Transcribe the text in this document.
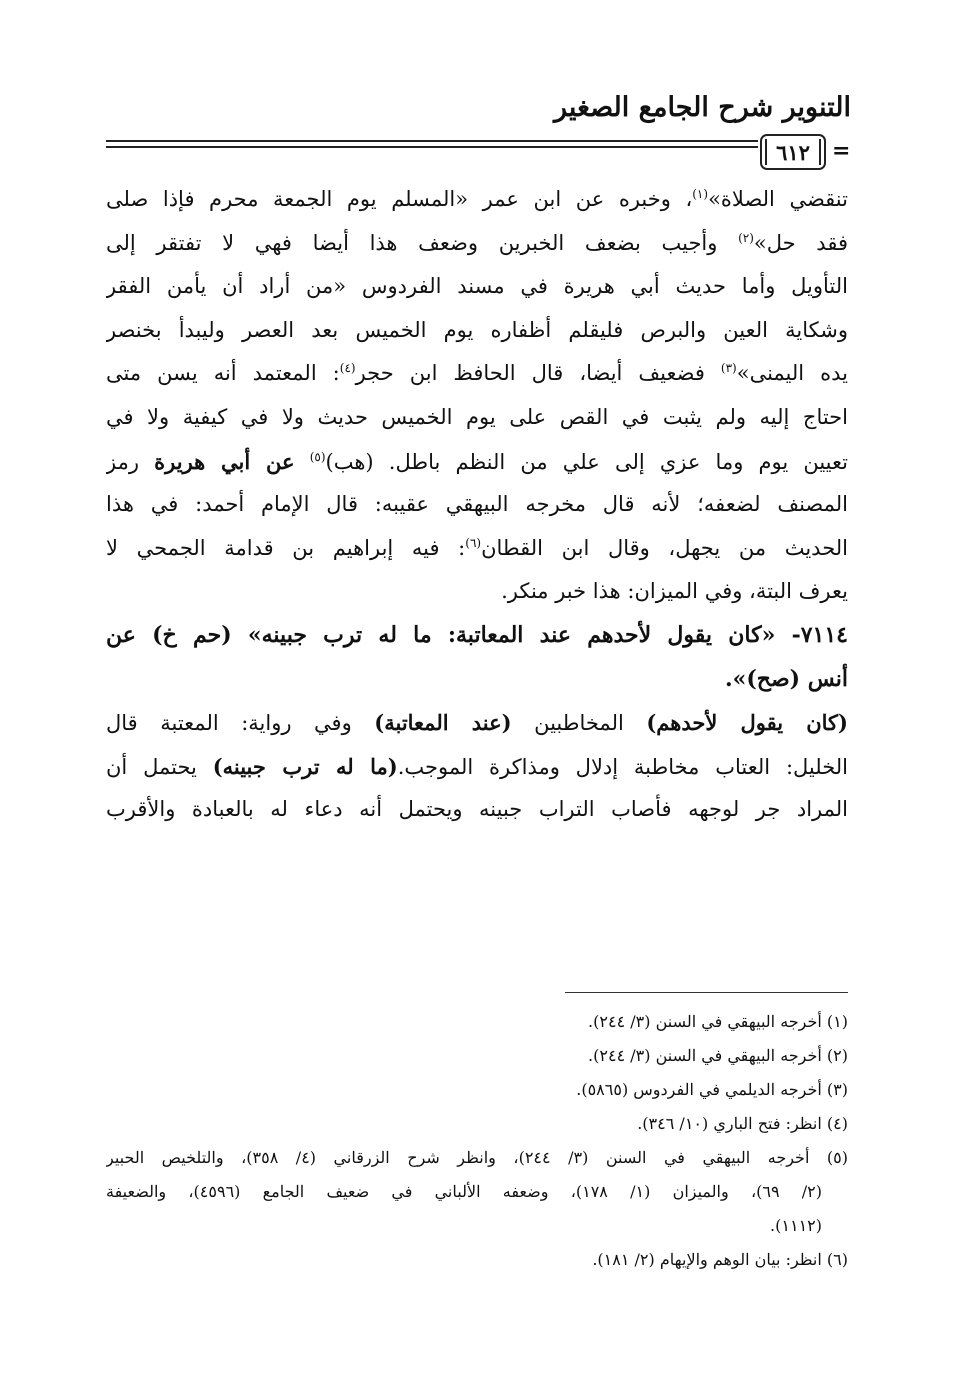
التنوير شرح الجامع الصغير
٦١٢	=
تنقضي الصلاة»$^{(١)}$، وخبره عن ابن عمر «المسلم يوم الجمعة محرم فإذا صلى
فقد حل»$^{(٢)}$ وأجيب بضعف الخبرين وضعف هذا أيضا فهي لا تفتقر إلى
التأويل وأما حديث أبي هريرة في مسند الفردوس «من أراد أن يأمن الفقر
وشكاية العين والبرص فليقلم أظفاره يوم الخميس بعد العصر وليبدأ بخنصر
يده اليمنى»$^{(٣)}$ فضعيف أيضا، قال الحافظ ابن حجر$^{(٤)}$: المعتمد أنه يسن متى
احتاج إليه ولم يثبت في القص على يوم الخميس حديث ولا في كيفية ولا في
تعيين يوم وما عزي إلى علي من النظم باطل. (هب)$^{(٥)}$ عن أبي هريرة رمز
المصنف لضعفه؛ لأنه قال مخرجه البيهقي عقيبه: قال الإمام أحمد: في هذا
الحديث من يجهل، وقال ابن القطان$^{(٦)}$: فيه إبراهيم بن قدامة الجمحي لا
يعرف البتة، وفي الميزان: هذا خبر منكر.
٧١١٤- «كان يقول لأحدهم عند المعاتبة: ما له ترب جبينه» (حم خ) عن
أنس (صح)».
(كان يقول لأحدهم) المخاطبين (عند المعاتبة) وفي رواية: المعتبة قال
الخليل: العتاب مخاطبة إدلال ومذاكرة الموجب.(ما له ترب جبينه) يحتمل أن
المراد جر لوجهه فأصاب التراب جبينه ويحتمل أنه دعاء له بالعبادة والأقرب
(١) أخرجه البيهقي في السنن (٣/ ٢٤٤).
(٢) أخرجه البيهقي في السنن (٣/ ٢٤٤).
(٣) أخرجه الديلمي في الفردوس (٥٨٦٥).
(٤) انظر: فتح الباري (١٠/ ٣٤٦).
(٥) أخرجه البيهقي في السنن (٣/ ٢٤٤)، وانظر شرح الزرقاني (٤/ ٣٥٨)، والتلخيص الحبير
(٢/ ٦٩)، والميزان (١/ ١٧٨)، وضعفه الألباني في ضعيف الجامع (٤٥٩٦)، والضعيفة
(١١١٢).
(٦) انظر: بيان الوهم والإيهام (٢/ ١٨١).
